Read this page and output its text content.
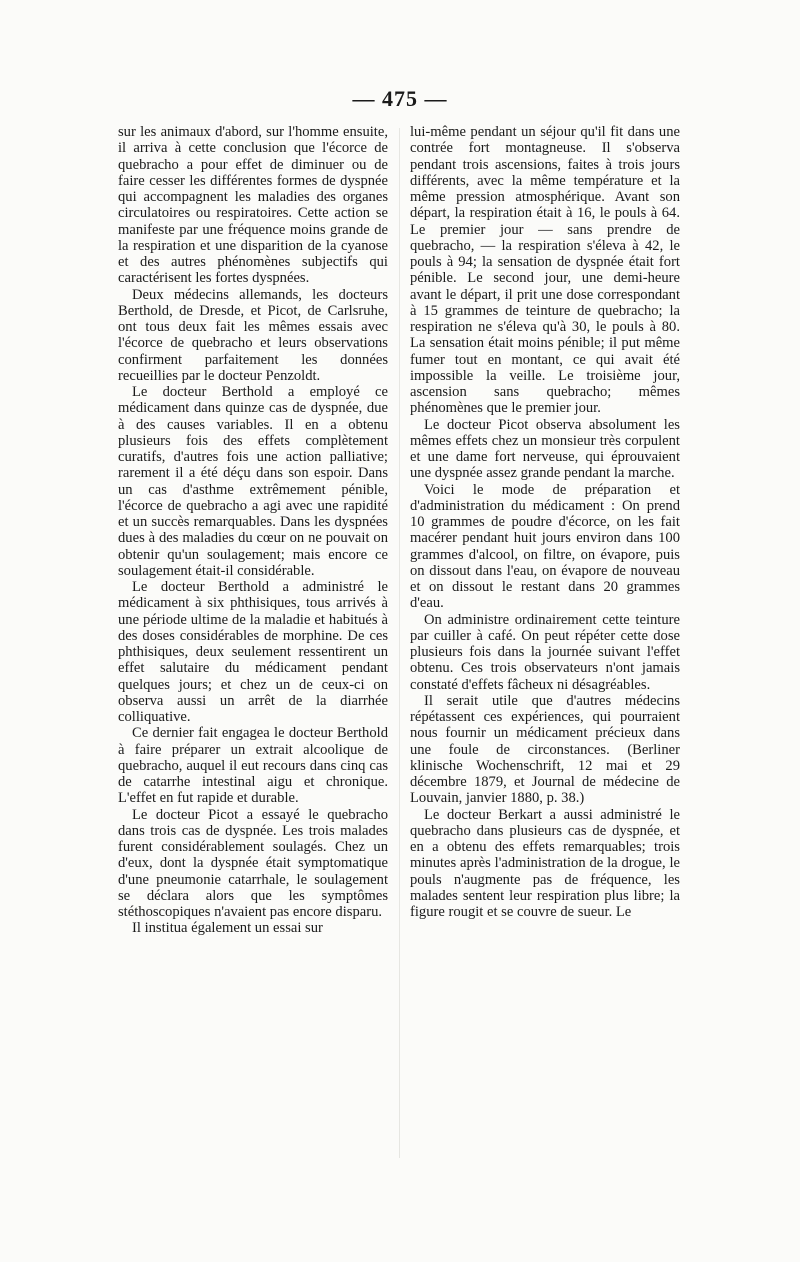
— 475 —

sur les animaux d'abord, sur l'homme ensuite, il arriva à cette conclusion que l'écorce de quebracho a pour effet de diminuer ou de faire cesser les différentes formes de dyspnée qui accompagnent les maladies des organes circulatoires ou respiratoires. Cette action se manifeste par une fréquence moins grande de la respiration et une disparition de la cyanose et des autres phénomènes subjectifs qui caractérisent les fortes dyspnées.

Deux médecins allemands, les docteurs Berthold, de Dresde, et Picot, de Carlsruhe, ont tous deux fait les mêmes essais avec l'écorce de quebracho et leurs observations confirment parfaitement les données recueillies par le docteur Penzoldt.

Le docteur Berthold a employé ce médicament dans quinze cas de dyspnée, due à des causes variables. Il en a obtenu plusieurs fois des effets complètement curatifs, d'autres fois une action palliative; rarement il a été déçu dans son espoir. Dans un cas d'asthme extrêmement pénible, l'écorce de quebracho a agi avec une rapidité et un succès remarquables. Dans les dyspnées dues à des maladies du cœur on ne pouvait on obtenir qu'un soulagement; mais encore ce soulagement était-il considérable.

Le docteur Berthold a administré le médicament à six phthisiques, tous arrivés à une période ultime de la maladie et habitués à des doses considérables de morphine. De ces phthisiques, deux seulement ressentirent un effet salutaire du médicament pendant quelques jours; et chez un de ceux-ci on observa aussi un arrêt de la diarrhée colliquative.

Ce dernier fait engagea le docteur Berthold à faire préparer un extrait alcoolique de quebracho, auquel il eut recours dans cinq cas de catarrhe intestinal aigu et chronique. L'effet en fut rapide et durable.

Le docteur Picot a essayé le quebracho dans trois cas de dyspnée. Les trois malades furent considérablement soulagés. Chez un d'eux, dont la dyspnée était symptomatique d'une pneumonie catarrhale, le soulagement se déclara alors que les symptômes stéthoscopiques n'avaient pas encore disparu.

Il institua également un essai sur

lui-même pendant un séjour qu'il fit dans une contrée fort montagneuse. Il s'observa pendant trois ascensions, faites à trois jours différents, avec la même température et la même pression atmosphérique. Avant son départ, la respiration était à 16, le pouls à 64. Le premier jour — sans prendre de quebracho, — la respiration s'éleva à 42, le pouls à 94; la sensation de dyspnée était fort pénible. Le second jour, une demi-heure avant le départ, il prit une dose correspondant à 15 grammes de teinture de quebracho; la respiration ne s'éleva qu'à 30, le pouls à 80. La sensation était moins pénible; il put même fumer tout en montant, ce qui avait été impossible la veille. Le troisième jour, ascension sans quebracho; mêmes phénomènes que le premier jour.

Le docteur Picot observa absolument les mêmes effets chez un monsieur très corpulent et une dame fort nerveuse, qui éprouvaient une dyspnée assez grande pendant la marche.

Voici le mode de préparation et d'administration du médicament : On prend 10 grammes de poudre d'écorce, on les fait macérer pendant huit jours environ dans 100 grammes d'alcool, on filtre, on évapore, puis on dissout dans l'eau, on évapore de nouveau et on dissout le restant dans 20 grammes d'eau.

On administre ordinairement cette teinture par cuiller à café. On peut répéter cette dose plusieurs fois dans la journée suivant l'effet obtenu. Ces trois observateurs n'ont jamais constaté d'effets fâcheux ni désagréables.

Il serait utile que d'autres médecins répétassent ces expériences, qui pourraient nous fournir un médicament précieux dans une foule de circonstances. (Berliner klinische Wochenschrift, 12 mai et 29 décembre 1879, et Journal de médecine de Louvain, janvier 1880, p. 38.)

Le docteur Berkart a aussi administré le quebracho dans plusieurs cas de dyspnée, et en a obtenu des effets remarquables; trois minutes après l'administration de la drogue, le pouls n'augmente pas de fréquence, les malades sentent leur respiration plus libre; la figure rougit et se couvre de sueur. Le
